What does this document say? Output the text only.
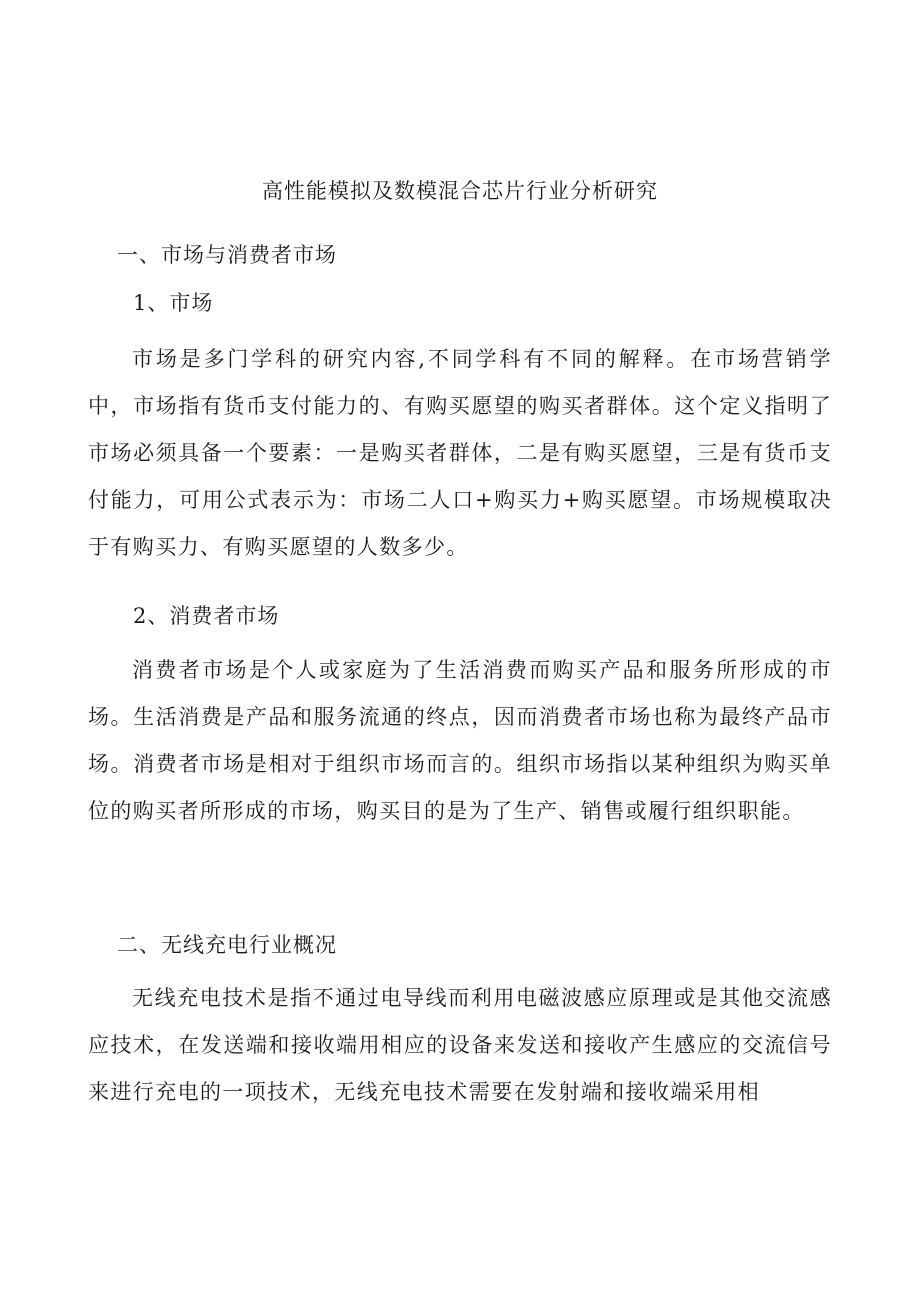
高性能模拟及数模混合芯片行业分析研究
一、市场与消费者市场
1、市场
市场是多门学科的研究内容,不同学科有不同的解释。在市场营销学中，市场指有货币支付能力的、有购买愿望的购买者群体。这个定义指明了市场必须具备一个要素：一是购买者群体，二是有购买愿望，三是有货币支付能力，可用公式表示为：市场二人口+购买力+购买愿望。市场规模取决于有购买力、有购买愿望的人数多少。
2、消费者市场
消费者市场是个人或家庭为了生活消费而购买产品和服务所形成的市场。生活消费是产品和服务流通的终点，因而消费者市场也称为最终产品市场。消费者市场是相对于组织市场而言的。组织市场指以某种组织为购买单位的购买者所形成的市场，购买目的是为了生产、销售或履行组织职能。
二、无线充电行业概况
无线充电技术是指不通过电导线而利用电磁波感应原理或是其他交流感应技术，在发送端和接收端用相应的设备来发送和接收产生感应的交流信号来进行充电的一项技术，无线充电技术需要在发射端和接收端采用相
